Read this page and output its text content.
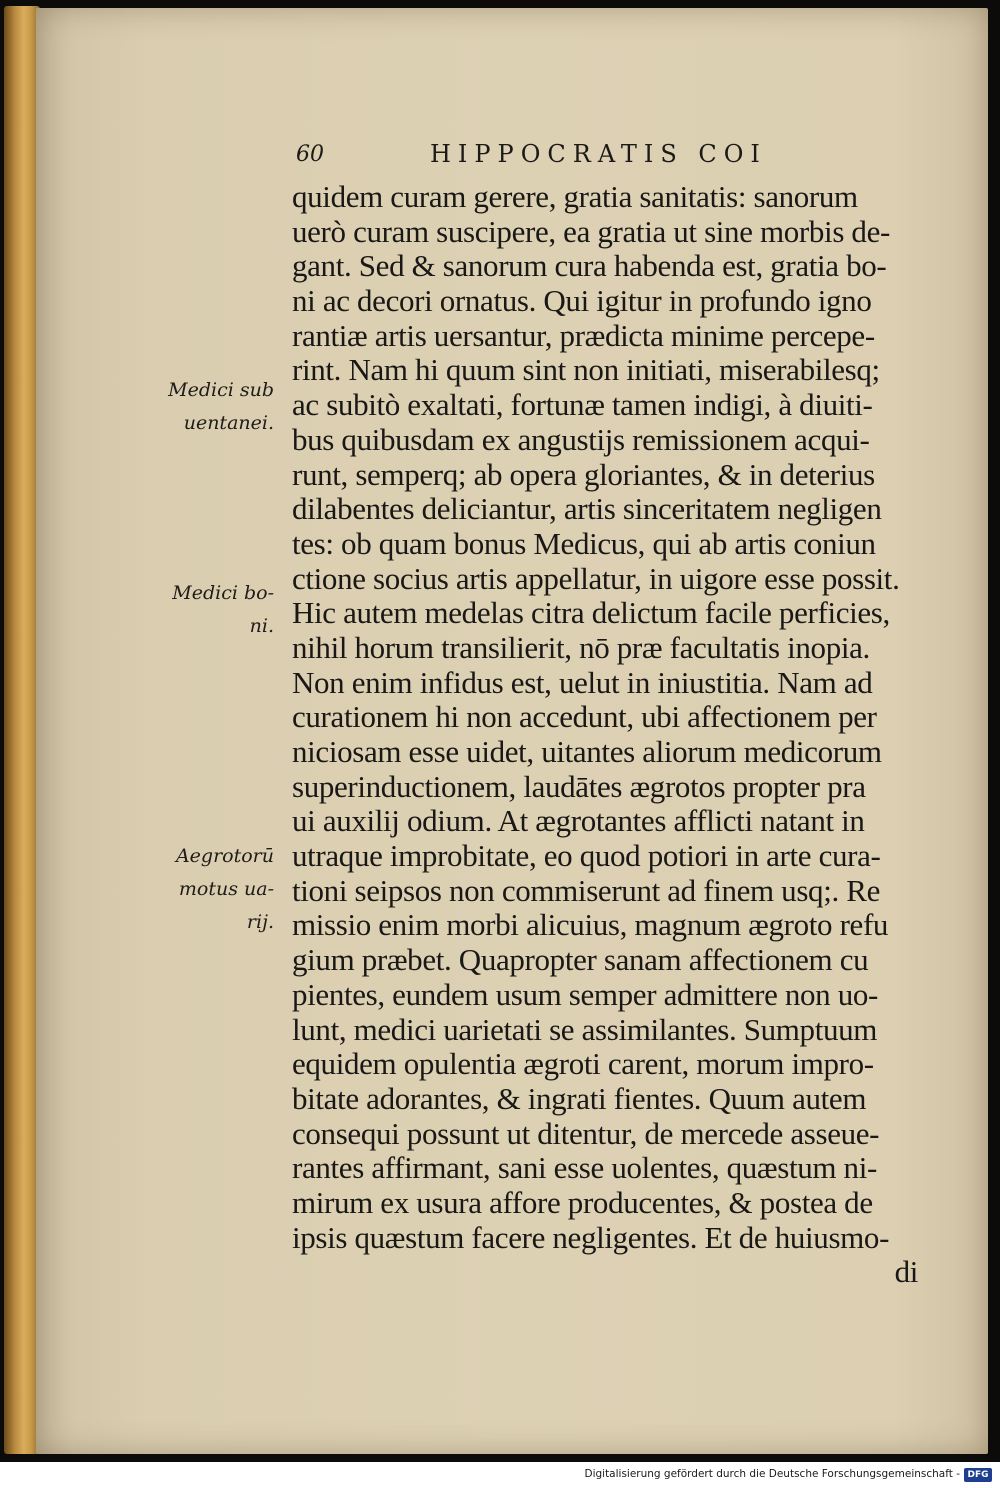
60	HIPPOCRATIS COI
Medici sub
uentanei.
Medici bo-
ni.
Aegrotorū
motus ua-
rij.
quidem curam gerere, gratia sanitatis: sanorum
uerò curam suscipere, ea gratia ut sine morbis de-
gant. Sed & sanorum cura habenda est, gratia bo-
ni ac decori ornatus. Qui igitur in profundo igno
rantiæ artis uersantur, prædicta minime percepe-
rint. Nam hi quum sint non initiati, miserabilesq;
ac subitò exaltati, fortunæ tamen indigi, à diuiti-
bus quibusdam ex angustijs remissionem acqui-
runt, semperq; ab opera gloriantes, & in deterius
dilabentes deliciantur, artis sinceritatem negligen
tes: ob quam bonus Medicus, qui ab artis coniun
ctione socius artis appellatur, in uigore esse possit.
Hic autem medelas citra delictum facile perficies,
nihil horum transilierit, nō præ facultatis inopia.
Non enim infidus est, uelut in iniustitia. Nam ad
curationem hi non accedunt, ubi affectionem per
niciosam esse uidet, uitantes aliorum medicorum
superinductionem, laudātes ægrotos propter pra
ui auxilij odium. At ægrotantes afflicti natant in
utraque improbitate, eo quod potiori in arte cura-
tioni seipsos non commiserunt ad finem usq;. Re
missio enim morbi alicuius, magnum ægroto refu
gium præbet. Quapropter sanam affectionem cu
pientes, eundem usum semper admittere non uo-
lunt, medici uarietati se assimilantes. Sumptuum
equidem opulentia ægroti carent, morum impro-
bitate adorantes, & ingrati fientes. Quum autem
consequi possunt ut ditentur, de mercede asseue-
rantes affirmant, sani esse uolentes, quæstum ni-
mirum ex usura affore producentes, & postea de
ipsis quæstum facere negligentes. Et de huiusmo-
di
Digitalisierung gefördert durch die Deutsche Forschungsgemeinschaft - DFG
